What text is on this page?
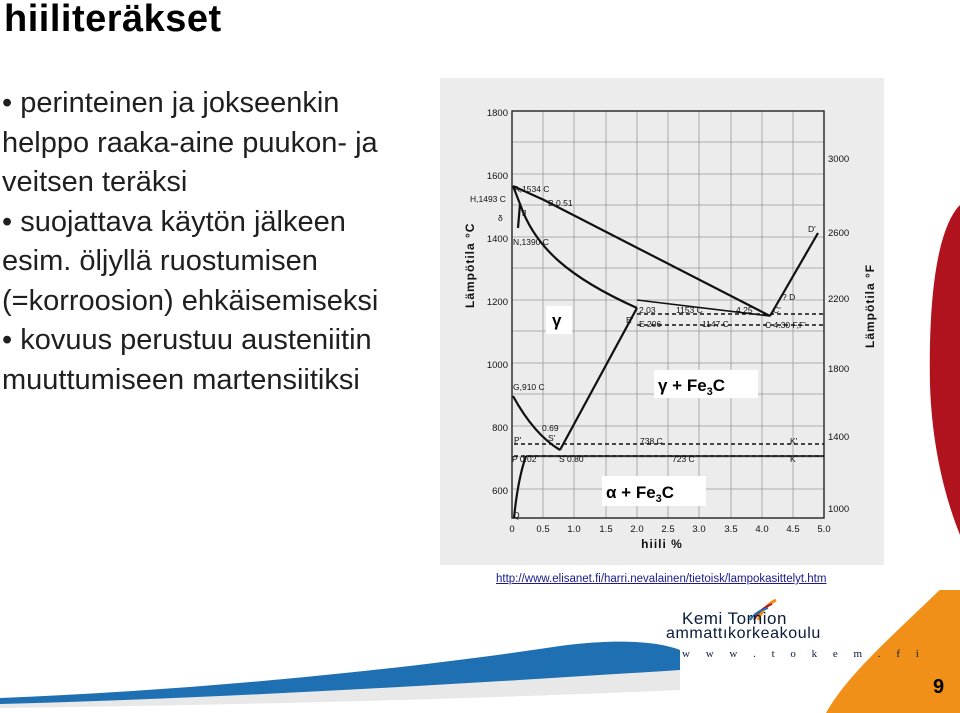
hiiliteräkset
• perinteinen ja jokseenkin
helppo raaka-aine puukon- ja
veitsen teräksi
• suojattava käytön jälkeen
esim. öljyllä ruostumisen
(=korroosion) ehkäisemiseksi
• kovuus perustuu austeniitin
muuttumiseen martensiitiksi
1800
1600
1400
1200
1000
800
600
3000
2600
2200
1800
1400
1000
0 0.5 1.0 1.5 2.0 2.5 3.0 3.5 4.0 4.5 5.0
hiili %
Lämpötila °C	Lämpötila °F
A,1534 C
H,1493 C	B 0.51
δ J
N,1390 C
D'
E'
2.03 1153 C
E 206	1147 C
4.25 C'
? D
C 4.30 F,F'
G,910 C
0.69
S'
P'	738 C	K'
P 0.02	S 0.80	723 C	K
Q
γ
$\gamma + Fe_3C$
$\alpha + Fe_3C$
http://www.elisanet.fi/harri.nevalainen/tietoisk/lampokasittelyt.htm
Kemi Tornion
ammattıkorkeakoulu
w w w . t o k e m . f i
9
